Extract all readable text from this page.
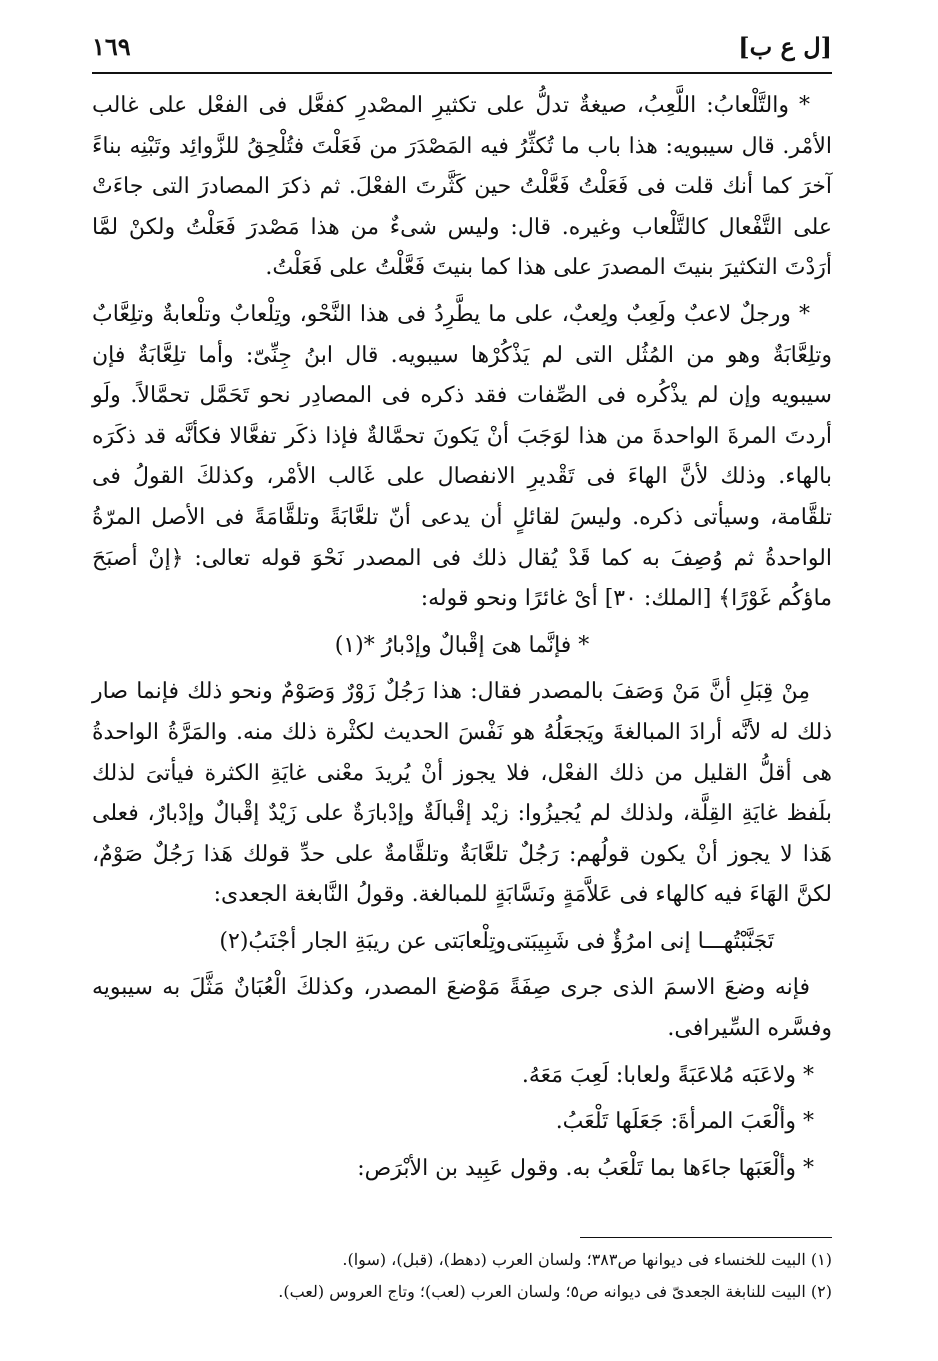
١٦٩	[ل ع ب]

* والتَّلْعابُ: اللَّعِبُ، صيغةٌ تدلُّ على تكثيرِ المصْدرِ كفعَّل فى الفعْل على غالب الأمْر. قال سيبويه: هذا باب ما تُكثِّرُ فيه المَصْدَرَ من فَعَلْتَ فتُلْحِقُ للزَّوائِد وتَبْنِه بناءً آخرَ كما أنك قلت فى فَعَلْتُ فَعَّلْتُ حين كَثَّرتَ الفعْلَ. ثم ذكرَ المصادرَ التى جاءَتْ على التَّفْعال كالتَّلْعاب وغيره. قال: وليس شىءٌ من هذا مَصْدرَ فَعَلْتُ ولكنْ لمَّا أرَدْتَ التكثيرَ بنيتَ المصدرَ على هذا كما بنيتَ فَعَّلْتُ على فَعَلْتُ.

* ورجلٌ لاعبٌ ولَعِبٌ ولِعبٌ، على ما يطَّرِدُ فى هذا النَّحْو، وتِلْعابٌ وتلْعابةٌ وتلِعَّابٌ وتلِعَّابَةٌ وهو من المُثُل التى لم يَذْكُرْها سيبويه. قال ابنُ جِنِّىّ: وأما تلِعَّابَةٌ فإن سيبويه وإن لم يذْكُره فى الصِّفات فقد ذكره فى المصادِر نحو تَحَمَّل تحمَّالاً. ولَو أردتَ المرةَ الواحدةَ من هذا لوَجَبَ أنْ يَكونَ تحمَّالةٌ فإذا ذكَر تفعَّالا فكأنَّه قد ذكَرَه بالهاء. وذلك لأنَّ الهاءَ فى تَقْديرِ الانفصال على غَالب الأمْر، وكذلكَ القولُ فى تلقَّامة، وسيأتى ذكره. وليسَ لقائلٍ أن يدعى أنّ تلعَّابَةً وتلقَّامَةً فى الأصل المرّةُ الواحدةُ ثم وُصِفَ به كما قَدْ يُقال ذلك فى المصدر نَحْوَ قوله تعالى: ﴿إنْ أصبَحَ ماؤكُم غَوْرًا﴾ [الملك: ٣٠] أىْ غائرًا ونحو قوله:

* فإنَّما هىَ إقْبالٌ وإدْبارُ *(١)

مِنْ قِبَلِ أنَّ مَنْ وَصَفَ بالمصدر فقال: هذا رَجُلٌ زَوْرٌ وَصَوْمٌ ونحو ذلك فإنما صار ذلك له لأنَّه أرادَ المبالغةَ ويَجعَلُهُ هو نَفْسَ الحديث لكثْرة ذلك منه. والمَرَّةُ الواحدةُ هى أقلُّ القليل من ذلك الفعْل، فلا يجوز أنْ يُريدَ معْنى غايَةِ الكثرة فيأتىَ لذلك بلَفظ غايَةِ القِلَّة، ولذلك لم يُجيزُوا: زيْد إقْبالَةٌ وإدْبارَةٌ على زَيْدٌ إقْبالٌ وإدْبارٌ، فعلى هَذا لا يجوز أنْ يكون قولُهم: رَجُلٌ تلعَّابَةٌ وتلقَّامةٌ على حدِّ قولك هَذا رَجُلٌ صَوْمٌ، لكنَّ الهَاءَ فيه كالهاء فى عَلاَّمَةٍ ونَسَّابَةٍ للمبالغة. وقولُ النَّابغة الجعدى:

تَجَنَّبْتُهـــا إنى امرُؤٌ فى شَبِيبَتى
وتِلْعابَتى عن ريبَةِ الجار أجْنَبُ(٢)

فإنه وضعَ الاسمَ الذى جرى صِفَةً مَوْضعَ المصدر، وكذلكَ الْعُبَانٌ مَثَّلَ به سيبويه وفسَّره السِّيرافى.

* ولاعَبَه مُلاعَبَةً ولعابا: لَعِبَ مَعَهُ.

* وألْعَبَ المرأةَ: جَعَلَها تَلْعَبُ.

* وألْعَبَها جاءَها بما تَلْعَبُ به. وقول عَبِيد بن الأبْرَص:

(١) البيت للخنساء فى ديوانها ص٣٨٣؛ ولسان العرب (دهط)، (قبل)، (سوا).

(٢) البيت للنابغة الجعدىّ فى ديوانه ص٥؛ ولسان العرب (لعب)؛ وتاج العروس (لعب).
